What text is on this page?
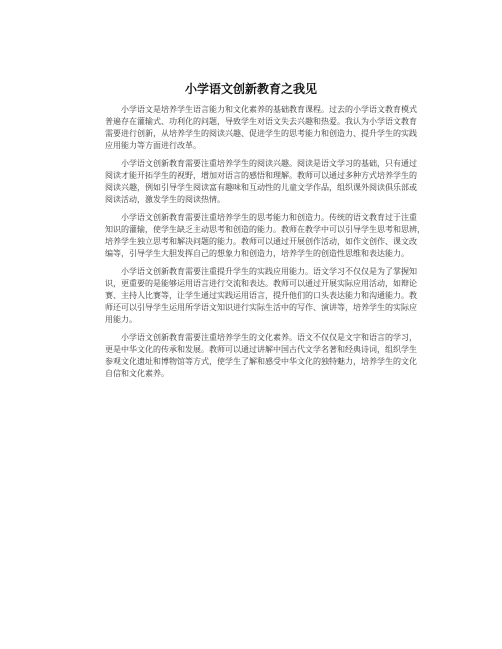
小学语文创新教育之我见

　　小学语文是培养学生语言能力和文化素养的基础教育课程。过去的小学语文教育模式
普遍存在灌输式、功利化的问题，导致学生对语文失去兴趣和热爱。我认为小学语文教育
需要进行创新，从培养学生的阅读兴趣、促进学生的思考能力和创造力、提升学生的实践
应用能力等方面进行改革。

　　小学语文创新教育需要注重培养学生的阅读兴趣。阅读是语文学习的基础，只有通过
阅读才能开拓学生的视野，增加对语言的感悟和理解。教师可以通过多种方式培养学生的
阅读兴趣，例如引导学生阅读富有趣味和互动性的儿童文学作品，组织课外阅读俱乐部或
阅读活动，激发学生的阅读热情。

　　小学语文创新教育需要注重培养学生的思考能力和创造力。传统的语文教育过于注重
知识的灌输，使学生缺乏主动思考和创造的能力。教师在教学中可以引导学生思考和思辨，
培养学生独立思考和解决问题的能力。教师可以通过开展创作活动，如作文创作、课文改
编等，引导学生大胆发挥自己的想象力和创造力，培养学生的创造性思维和表达能力。

　　小学语文创新教育需要注重提升学生的实践应用能力。语文学习不仅仅是为了掌握知
识，更重要的是能够运用语言进行交流和表达。教师可以通过开展实际应用活动，如辩论
赛、主持人比赛等，让学生通过实践运用语言，提升他们的口头表达能力和沟通能力。教
师还可以引导学生运用所学语文知识进行实际生活中的写作、演讲等，培养学生的实际应
用能力。

　　小学语文创新教育需要注重培养学生的文化素养。语文不仅仅是文字和语言的学习，
更是中华文化的传承和发展。教师可以通过讲解中国古代文学名著和经典诗词，组织学生
参观文化遗址和博物馆等方式，使学生了解和感受中华文化的独特魅力，培养学生的文化
自信和文化素养。
